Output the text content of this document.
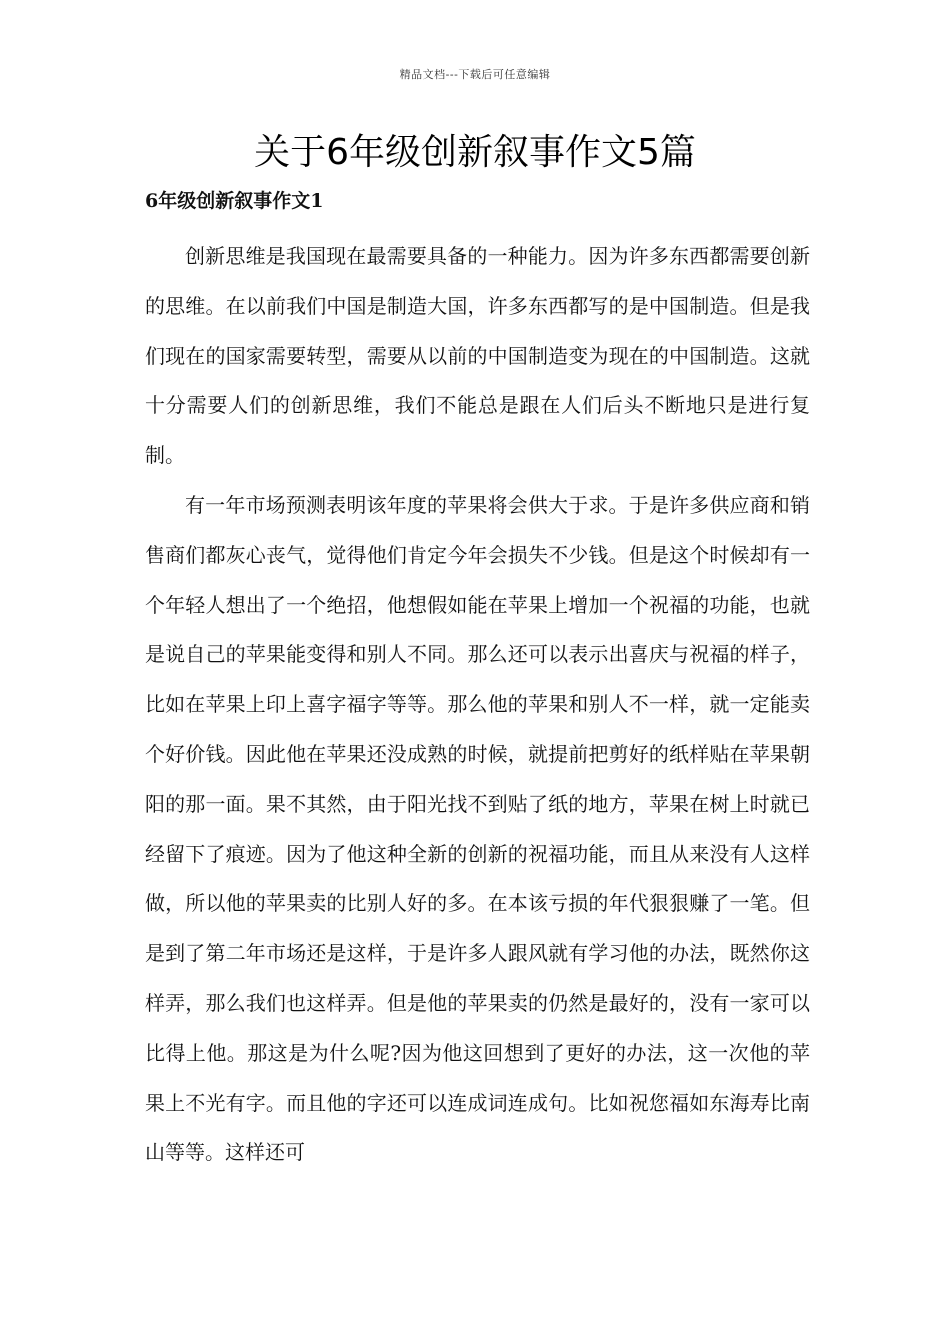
精品文档---下载后可任意编辑
关于6年级创新叙事作文5篇
6年级创新叙事作文1

创新思维是我国现在最需要具备的一种能力。因为许多东西都需要创新的思维。在以前我们中国是制造大国，许多东西都写的是中国制造。但是我们现在的国家需要转型，需要从以前的中国制造变为现在的中国制造。这就十分需要人们的创新思维，我们不能总是跟在人们后头不断地只是进行复制。

有一年市场预测表明该年度的苹果将会供大于求。于是许多供应商和销售商们都灰心丧气，觉得他们肯定今年会损失不少钱。但是这个时候却有一个年轻人想出了一个绝招，他想假如能在苹果上增加一个祝福的功能，也就是说自己的苹果能变得和别人不同。那么还可以表示出喜庆与祝福的样子，比如在苹果上印上喜字福字等等。那么他的苹果和别人不一样，就一定能卖个好价钱。因此他在苹果还没成熟的时候，就提前把剪好的纸样贴在苹果朝阳的那一面。果不其然，由于阳光找不到贴了纸的地方，苹果在树上时就已经留下了痕迹。因为了他这种全新的创新的祝福功能，而且从来没有人这样做，所以他的苹果卖的比别人好的多。在本该亏损的年代狠狠赚了一笔。但是到了第二年市场还是这样，于是许多人跟风就有学习他的办法，既然你这样弄，那么我们也这样弄。但是他的苹果卖的仍然是最好的，没有一家可以比得上他。那这是为什么呢?因为他这回想到了更好的办法，这一次他的苹果上不光有字。而且他的字还可以连成词连成句。比如祝您福如东海寿比南山等等。这样还可
